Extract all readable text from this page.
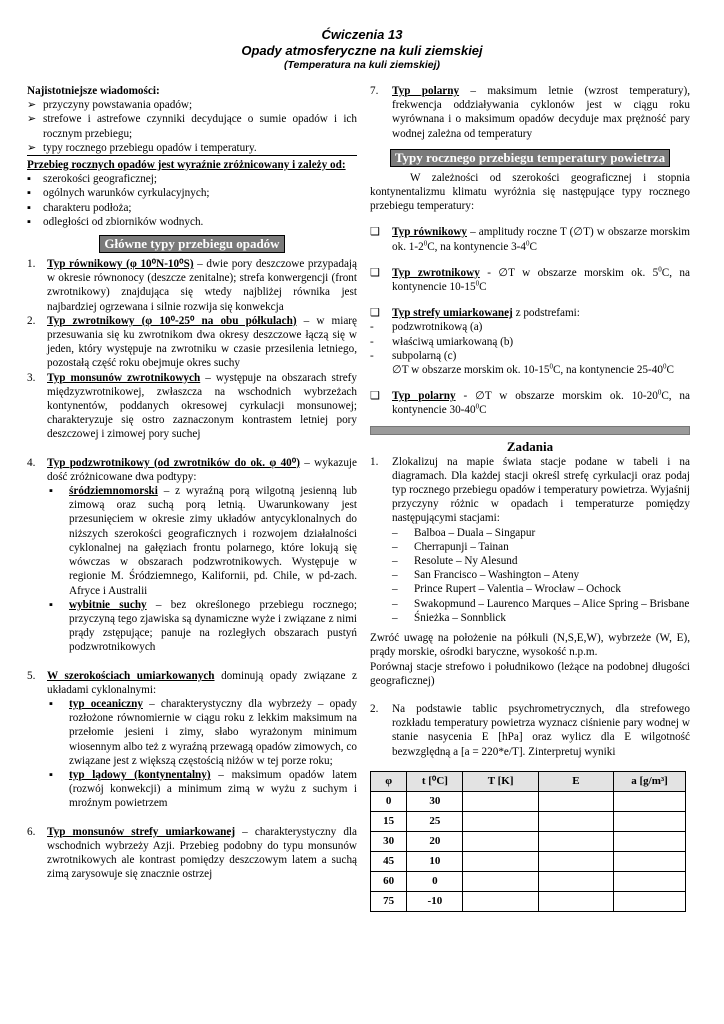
Ćwiczenia 13
Opady atmosferyczne na kuli ziemskiej
(Temperatura na kuli ziemskiej)

Najistotniejsze wiadomości:

➢ przyczyny powstawania opadów;
➢ strefowe i astrefowe czynniki decydujące o sumie opadów i ich rocznym przebiegu;
➢ typy rocznego przebiegu opadów i temperatury.

Przebieg rocznych opadów jest wyraźnie zróżnicowany i zależy od:

▪	szerokości geograficznej;
▪	ogólnych warunków cyrkulacyjnych;
▪	charakteru podłoża;
▪	odległości od zbiorników wodnych.
Główne typy przebiegu opadów
1.	Typ równikowy (φ 10⁰N-10⁰S) – dwie pory deszczowe przypadają w okresie równonocy (deszcze zenitalne); strefa konwergencji (front zwrotnikowy) znajdująca się wtedy najbliżej równika jest najbardziej ogrzewana i silnie rozwija się konwekcja
2.	Typ zwrotnikowy (φ 10⁰-25⁰ na obu półkulach) – w miarę przesuwania się ku zwrotnikom dwa okresy deszczowe łączą się w jeden, który występuje na zwrotniku w czasie przesilenia letniego, pozostałą część roku obejmuje okres suchy
3.	Typ monsunów zwrotnikowych – występuje na obszarach strefy międzyzwrotnikowej, zwłaszcza na wschodnich wybrzeżach kontynentów, poddanych okresowej cyrkulacji monsunowej; charakteryzuje się ostro zaznaczonym kontrastem letniej pory deszczowej i zimowej pory suchej
4.	Typ podzwrotnikowy (od zwrotników do ok. φ 40⁰) – wykazuje dość zróżnicowane dwa podtypy:
▪	śródziemnomorski – z wyraźną porą wilgotną jesienną lub zimową oraz suchą porą letnią. Uwarunkowany jest przesunięciem w okresie zimy układów antycyklonalnych do niższych szerokości geograficznych i rozwojem działalności cyklonalnej na gałęziach frontu polarnego, które lokują się wówczas w obszarach podzwrotnikowych. Występuje w regionie M. Śródziemnego, Kalifornii, pd. Chile, w pd-zach. Afryce i Australii
▪	wybitnie suchy – bez określonego przebiegu rocznego; przyczyną tego zjawiska są dynamiczne wyże i związane z nimi prądy zstępujące; panuje na rozległych obszarach pustyń podzwrotnikowych
5.	W szerokościach umiarkowanych dominują opady związane z układami cyklonalnymi:
▪	typ oceaniczny – charakterystyczny dla wybrzeży – opady rozłożone równomiernie w ciągu roku z lekkim maksimum na przełomie jesieni i zimy, słabo wyrażonym minimum wiosennym albo też z wyraźną przewagą opadów zimowych, co związane jest z większą częstością niżów w tej porze roku;
▪	typ lądowy (kontynentalny) – maksimum opadów latem (rozwój konwekcji) a minimum zimą w wyżu z suchym i mroźnym powietrzem
6.	Typ monsunów strefy umiarkowanej – charakterystyczny dla wschodnich wybrzeży Azji. Przebieg podobny do typu monsunów zwrotnikowych ale kontrast pomiędzy deszczowym latem a suchą zimą zarysowuje się znacznie ostrzej
7.	Typ polarny – maksimum letnie (wzrost temperatury), frekwencja oddziaływania cyklonów jest w ciągu roku wyrównana i o maksimum opadów decyduje max prężność pary wodnej zależna od temperatury
Typy rocznego przebiegu temperatury powietrza

W zależności od szerokości geograficznej i stopnia kontynentalizmu klimatu wyróżnia się następujące typy rocznego przebiegu temperatury:

❑	Typ równikowy – amplitudy roczne T (∅T) w obszarze morskim ok. $1-2^0C$, na kontynencie $3-4^0C$
❑	Typ zwrotnikowy - ∅T w obszarze morskim ok. $5^0C$, na kontynencie $10-15^0C$
❑	Typ strefy umiarkowanej z podstrefami:
-	podzwrotnikową (a)
-	właściwą umiarkowaną (b)
-	subpolarną (c)

∅T w obszarze morskim ok. $10-15^0C$, na kontynencie $25-40^0C$

❑	Typ polarny - ∅T w obszarze morskim ok. $10-20^0C$, na kontynencie $30-40^0C$
Zadania
1.	Zlokalizuj na mapie świata stacje podane w tabeli i na diagramach. Dla każdej stacji określ strefę cyrkulacji oraz podaj typ rocznego przebiegu opadów i temperatury powietrza. Wyjaśnij przyczyny różnic w opadach i temperaturze pomiędzy następującymi stacjami:
–	Balboa – Duala – Singapur
–	Cherrapunji – Tainan
–	Resolute – Ny Alesund
–	San Francisco – Washington – Ateny
–	Prince Rupert – Valentia – Wrocław – Ochock
–	Swakopmund – Laurenco Marques – Alice Spring – Brisbane
–	Śnieżka – Sonnblick

Zwróć uwagę na położenie na półkuli (N,S,E,W), wybrzeże (W, E), prądy morskie, ośrodki baryczne, wysokość n.p.m.

Porównaj stacje strefowo i południkowo (leżące na podobnej długości geograficznej)

2.	Na podstawie tablic psychrometrycznych, dla strefowego rozkładu temperatury powietrza wyznacz ciśnienie pary wodnej w stanie nasycenia E [hPa] oraz wylicz dla E wilgotność bezwzględną a [a = 220*e/T]. Zinterpretuj wyniki
φ	t [⁰C]	T [K]	E	a [g/m³]
0	30			
15	25			
30	20			
45	10			
60	0			
75	-10			
